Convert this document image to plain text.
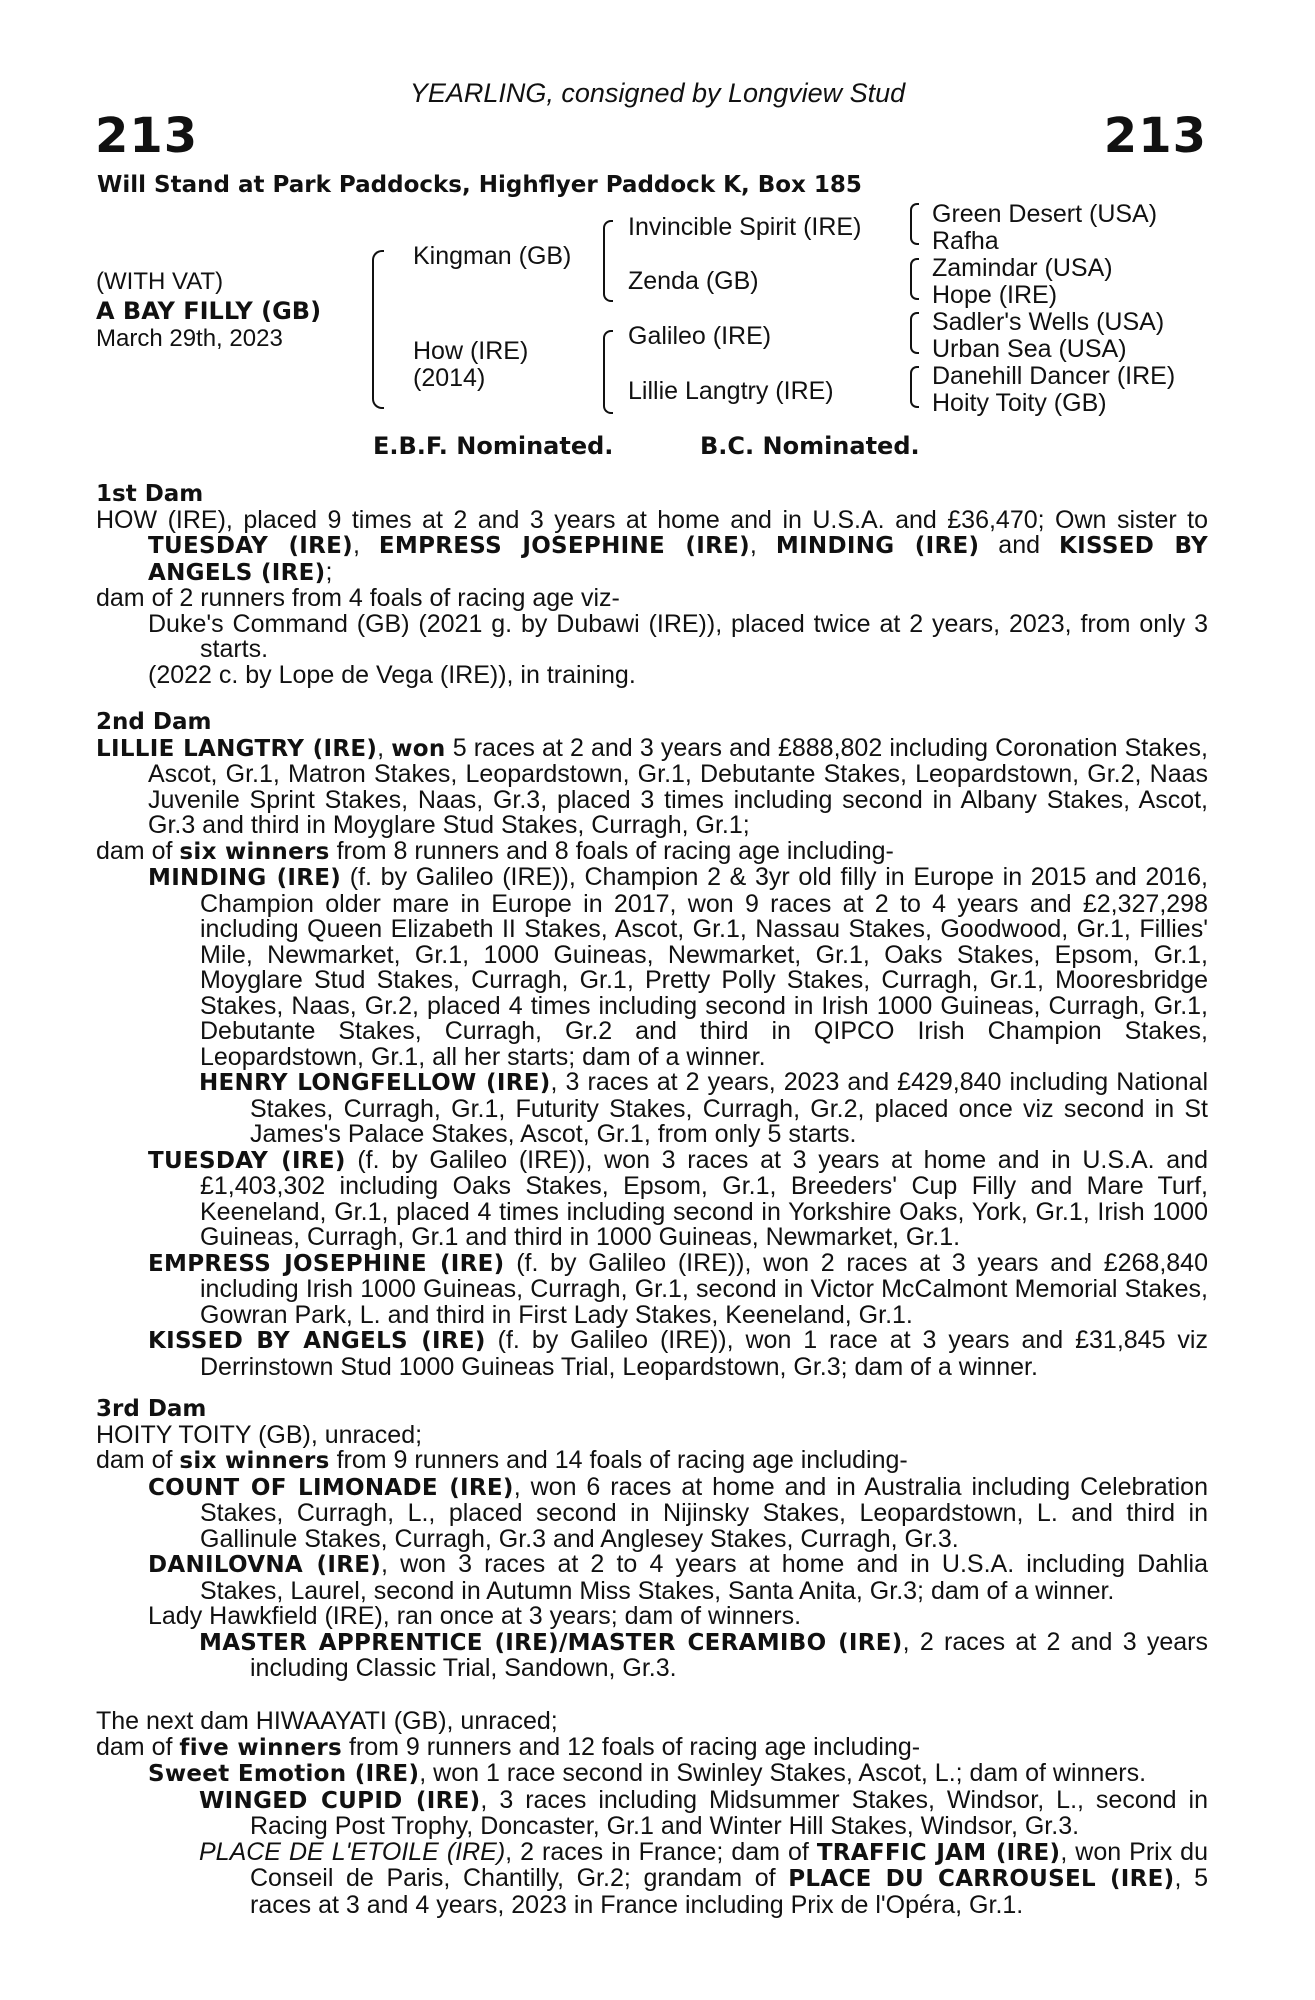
YEARLING, consigned by Longview Stud
213	213
Will Stand at Park Paddocks, Highflyer Paddock K, Box 185
(WITH VAT)
A BAY FILLY (GB)
March 29th, 2023
Kingman (GB)
How (IRE)
(2014)
Invincible Spirit (IRE)
Zenda (GB)
Galileo (IRE)
Lillie Langtry (IRE)
Green Desert (USA)
Rafha
Zamindar (USA)
Hope (IRE)
Sadler's Wells (USA)
Urban Sea (USA)
Danehill Dancer (IRE)
Hoity Toity (GB)
E.B.F. Nominated.	B.C. Nominated.

1st Dam

HOW (IRE), placed 9 times at 2 and 3 years at home and in U.S.A. and £36,470; Own sister to TUESDAY (IRE), EMPRESS JOSEPHINE (IRE), MINDING (IRE) and KISSED BY ANGELS (IRE);

dam of 2 runners from 4 foals of racing age viz-

Duke's Command (GB) (2021 g. by Dubawi (IRE)), placed twice at 2 years, 2023, from only 3 starts.

(2022 c. by Lope de Vega (IRE)), in training.

2nd Dam

LILLIE LANGTRY (IRE), won 5 races at 2 and 3 years and £888,802 including Coronation Stakes, Ascot, Gr.1, Matron Stakes, Leopardstown, Gr.1, Debutante Stakes, Leopardstown, Gr.2, Naas Juvenile Sprint Stakes, Naas, Gr.3, placed 3 times including second in Albany Stakes, Ascot, Gr.3 and third in Moyglare Stud Stakes, Curragh, Gr.1;

dam of six winners from 8 runners and 8 foals of racing age including-

MINDING (IRE) (f. by Galileo (IRE)), Champion 2 & 3yr old filly in Europe in 2015 and 2016, Champion older mare in Europe in 2017, won 9 races at 2 to 4 years and £2,327,298 including Queen Elizabeth II Stakes, Ascot, Gr.1, Nassau Stakes, Goodwood, Gr.1, Fillies' Mile, Newmarket, Gr.1, 1000 Guineas, Newmarket, Gr.1, Oaks Stakes, Epsom, Gr.1, Moyglare Stud Stakes, Curragh, Gr.1, Pretty Polly Stakes, Curragh, Gr.1, Mooresbridge Stakes, Naas, Gr.2, placed 4 times including second in Irish 1000 Guineas, Curragh, Gr.1, Debutante Stakes, Curragh, Gr.2 and third in QIPCO Irish Champion Stakes, Leopardstown, Gr.1, all her starts; dam of a winner.

HENRY LONGFELLOW (IRE), 3 races at 2 years, 2023 and £429,840 including National Stakes, Curragh, Gr.1, Futurity Stakes, Curragh, Gr.2, placed once viz second in St James's Palace Stakes, Ascot, Gr.1, from only 5 starts.

TUESDAY (IRE) (f. by Galileo (IRE)), won 3 races at 3 years at home and in U.S.A. and £1,403,302 including Oaks Stakes, Epsom, Gr.1, Breeders' Cup Filly and Mare Turf, Keeneland, Gr.1, placed 4 times including second in Yorkshire Oaks, York, Gr.1, Irish 1000 Guineas, Curragh, Gr.1 and third in 1000 Guineas, Newmarket, Gr.1.

EMPRESS JOSEPHINE (IRE) (f. by Galileo (IRE)), won 2 races at 3 years and £268,840 including Irish 1000 Guineas, Curragh, Gr.1, second in Victor McCalmont Memorial Stakes, Gowran Park, L. and third in First Lady Stakes, Keeneland, Gr.1.

KISSED BY ANGELS (IRE) (f. by Galileo (IRE)), won 1 race at 3 years and £31,845 viz Derrinstown Stud 1000 Guineas Trial, Leopardstown, Gr.3; dam of a winner.

3rd Dam

HOITY TOITY (GB), unraced;

dam of six winners from 9 runners and 14 foals of racing age including-

COUNT OF LIMONADE (IRE), won 6 races at home and in Australia including Celebration Stakes, Curragh, L., placed second in Nijinsky Stakes, Leopardstown, L. and third in Gallinule Stakes, Curragh, Gr.3 and Anglesey Stakes, Curragh, Gr.3.

DANILOVNA (IRE), won 3 races at 2 to 4 years at home and in U.S.A. including Dahlia Stakes, Laurel, second in Autumn Miss Stakes, Santa Anita, Gr.3; dam of a winner.

Lady Hawkfield (IRE), ran once at 3 years; dam of winners.

MASTER APPRENTICE (IRE)/MASTER CERAMIBO (IRE), 2 races at 2 and 3 years including Classic Trial, Sandown, Gr.3.

The next dam HIWAAYATI (GB), unraced;

dam of five winners from 9 runners and 12 foals of racing age including-

Sweet Emotion (IRE), won 1 race second in Swinley Stakes, Ascot, L.; dam of winners.

WINGED CUPID (IRE), 3 races including Midsummer Stakes, Windsor, L., second in Racing Post Trophy, Doncaster, Gr.1 and Winter Hill Stakes, Windsor, Gr.3.

PLACE DE L'ETOILE (IRE), 2 races in France; dam of TRAFFIC JAM (IRE), won Prix du Conseil de Paris, Chantilly, Gr.2; grandam of PLACE DU CARROUSEL (IRE), 5 races at 3 and 4 years, 2023 in France including Prix de l'Opéra, Gr.1.
